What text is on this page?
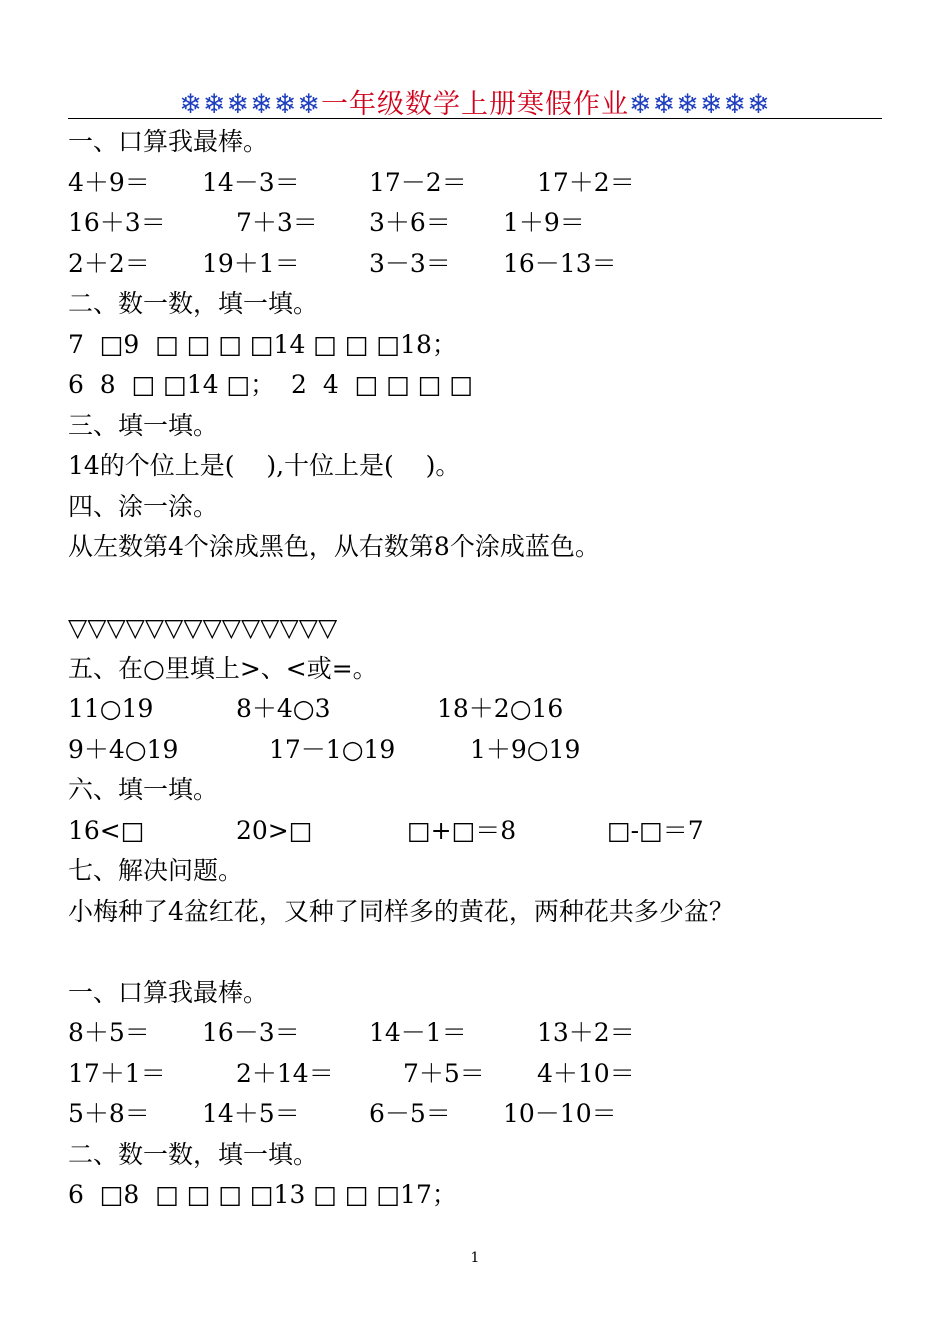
❄❄❄❄❄❄一年级数学上册寒假作业❄❄❄❄❄❄
一、口算我最棒。
4＋9＝ 14－3＝	17－2＝	17＋2＝
16＋3＝	7＋3＝ 3＋6＝ 1＋9＝
2＋2＝ 19＋1＝	3－3＝ 16－13＝
二、数一数，填一填。
7  □9  □ □ □ □14 □ □ □18；
6  8  □ □14 □；  2  4  □ □ □ □
三、填一填。
14的个位上是(    ),十位上是(    )。
四、涂一涂。
从左数第4个涂成黑色，从右数第8个涂成蓝色。
▽▽▽▽▽▽▽▽▽▽▽▽▽▽
五、在○里填上>、<或=。
11○19	8＋4○3	18＋2○16
9＋4○19	17－1○19	1＋9○19
六、填一填。
16<□	20>□	□+□＝8	□-□＝7
七、解决问题。
小梅种了4盆红花，又种了同样多的黄花，两种花共多少盆？
一、口算我最棒。
8＋5＝ 16－3＝	14－1＝	13＋2＝
17＋1＝	2＋14＝	7＋5＝ 4＋10＝
5＋8＝ 14＋5＝	6－5＝ 10－10＝
二、数一数，填一填。
6  □8  □ □ □ □13 □ □ □17；
1
